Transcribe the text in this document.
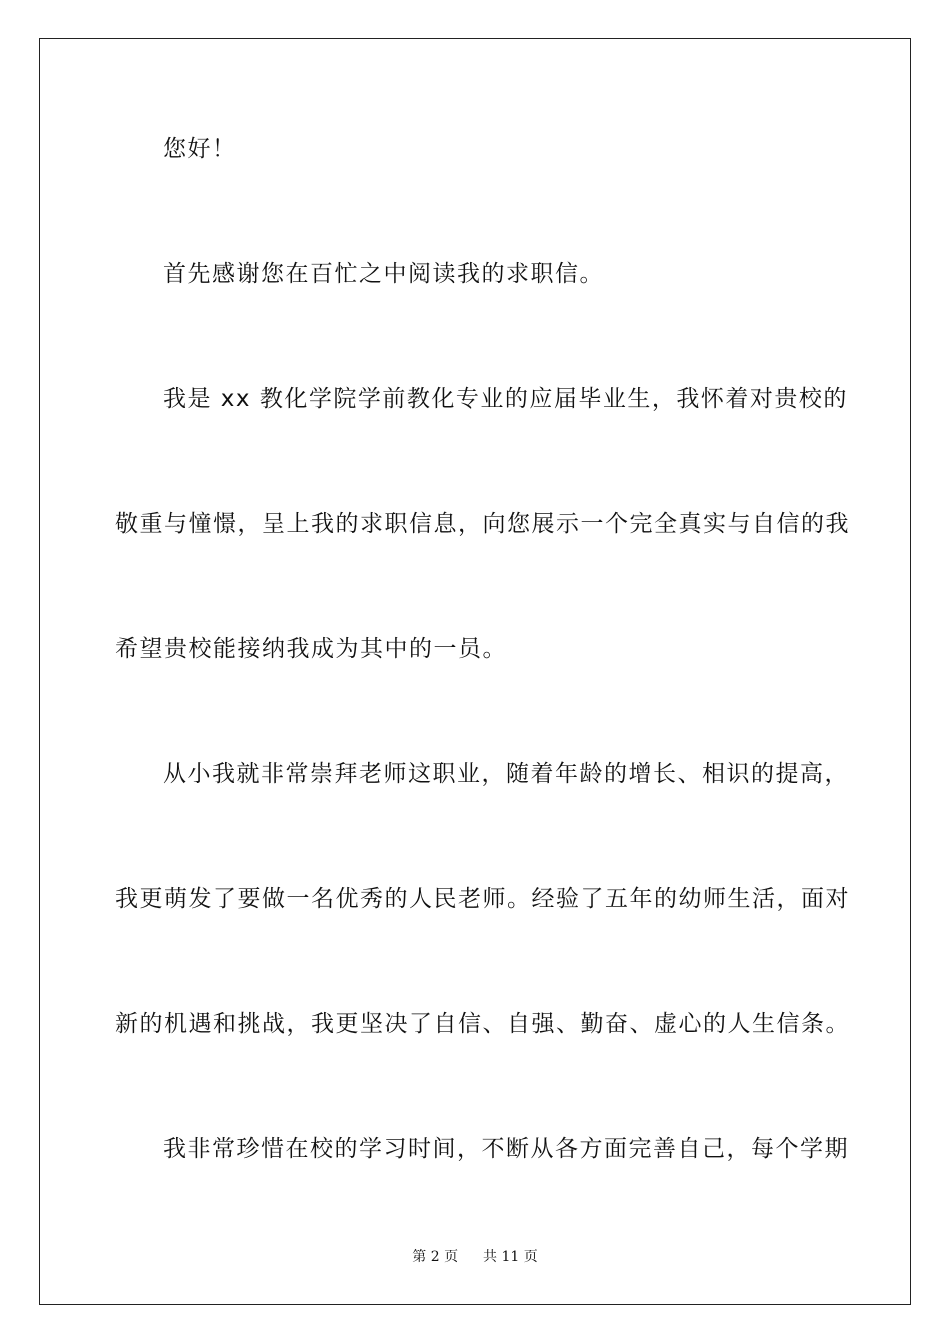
您好！
首先感谢您在百忙之中阅读我的求职信。
我是 xx 教化学院学前教化专业的应届毕业生，我怀着对贵校的
敬重与憧憬，呈上我的求职信息，向您展示一个完全真实与自信的我
希望贵校能接纳我成为其中的一员。
从小我就非常崇拜老师这职业，随着年龄的增长、相识的提高，
我更萌发了要做一名优秀的人民老师。经验了五年的幼师生活，面对
新的机遇和挑战，我更坚决了自信、自强、勤奋、虚心的人生信条。
我非常珍惜在校的学习时间，不断从各方面完善自己，每个学期
第 2 页 共 11 页
